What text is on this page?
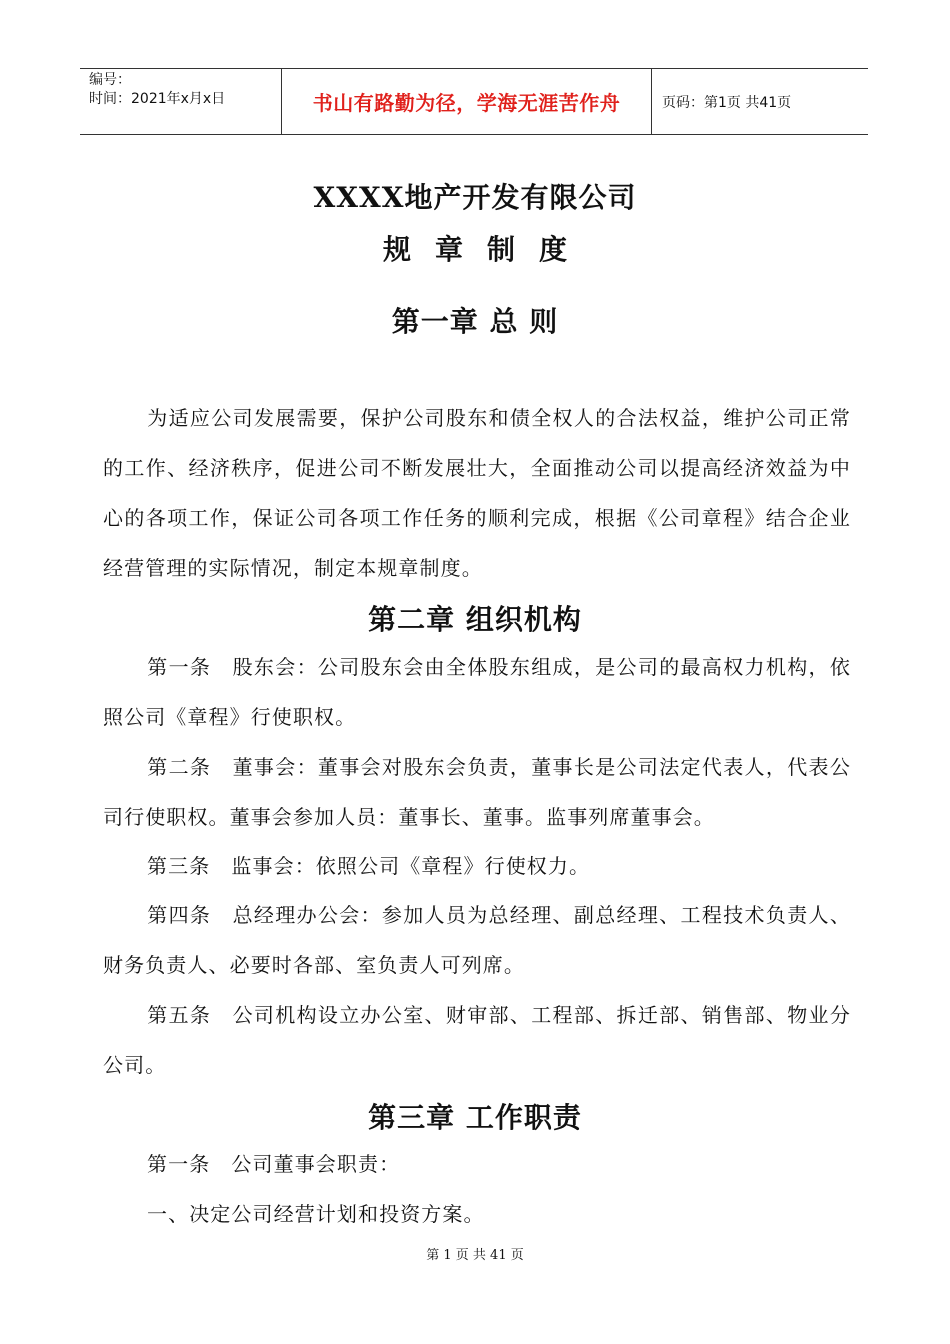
编号：
时间：2021年x月x日	书山有路勤为径，学海无涯苦作舟	页码：第1页 共41页
XXXX地产开发有限公司
规章制度
第一章 总 则
为适应公司发展需要，保护公司股东和债全权人的合法权益，维护公司正常的工作、经济秩序，促进公司不断发展壮大，全面推动公司以提高经济效益为中心的各项工作，保证公司各项工作任务的顺利完成，根据《公司章程》结合企业经营管理的实际情况，制定本规章制度。
第二章 组织机构
第一条　股东会：公司股东会由全体股东组成，是公司的最高权力机构，依照公司《章程》行使职权。
第二条　董事会：董事会对股东会负责，董事长是公司法定代表人，代表公司行使职权。董事会参加人员：董事长、董事。监事列席董事会。
第三条　监事会：依照公司《章程》行使权力。
第四条　总经理办公会：参加人员为总经理、副总经理、工程技术负责人、财务负责人、必要时各部、室负责人可列席。
第五条　公司机构设立办公室、财审部、工程部、拆迁部、销售部、物业分公司。
第三章 工作职责
第一条　公司董事会职责：
一、决定公司经营计划和投资方案。
第 1 页 共 41 页
